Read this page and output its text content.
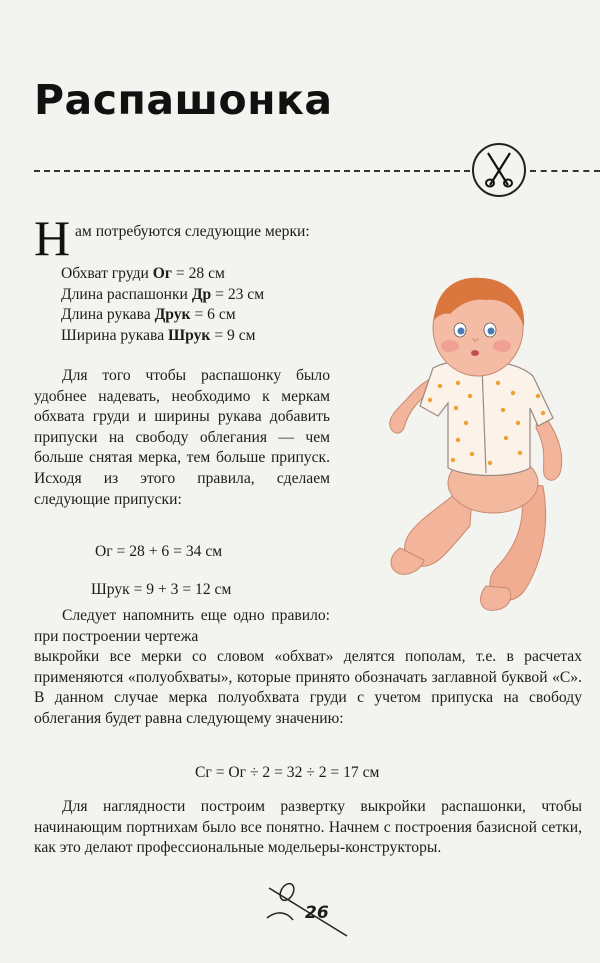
Распашонка
Н ам потребуются следующие мерки:
Обхват груди Ог = 28 см
Длина распашонки Др = 23 см
Длина рукава Друк = 6 см
Ширина рукава Шрук = 9 см

Для того чтобы распашонку было удобнее надевать, необходимо к меркам обхвата груди и ширины рукава добавить припуски на свободу облегания — чем больше снятая мерка, тем больше припуск. Исходя из этого правила, сделаем следующие припуски:

Ог = 28 + 6 = 34 см
Шрук = 9 + 3 = 12 см
Следует напомнить еще одно правило: при построении чертежа
выкройки все мерки со словом «обхват» делятся пополам, т.е. в расчетах применяются «полуобхваты», которые принято обозначать заглавной буквой «С». В данном случае мерка полуобхвата груди с учетом припуска на свободу облегания будет равна следующему значению:
Сг = Ог ÷ 2 = 32 ÷ 2 = 17 см
Для наглядности построим развертку выкройки распашонки, чтобы начинающим портнихам было все понятно. Начнем с построения базисной сетки, как это делают профессиональные модельеры-конструкторы.
26
